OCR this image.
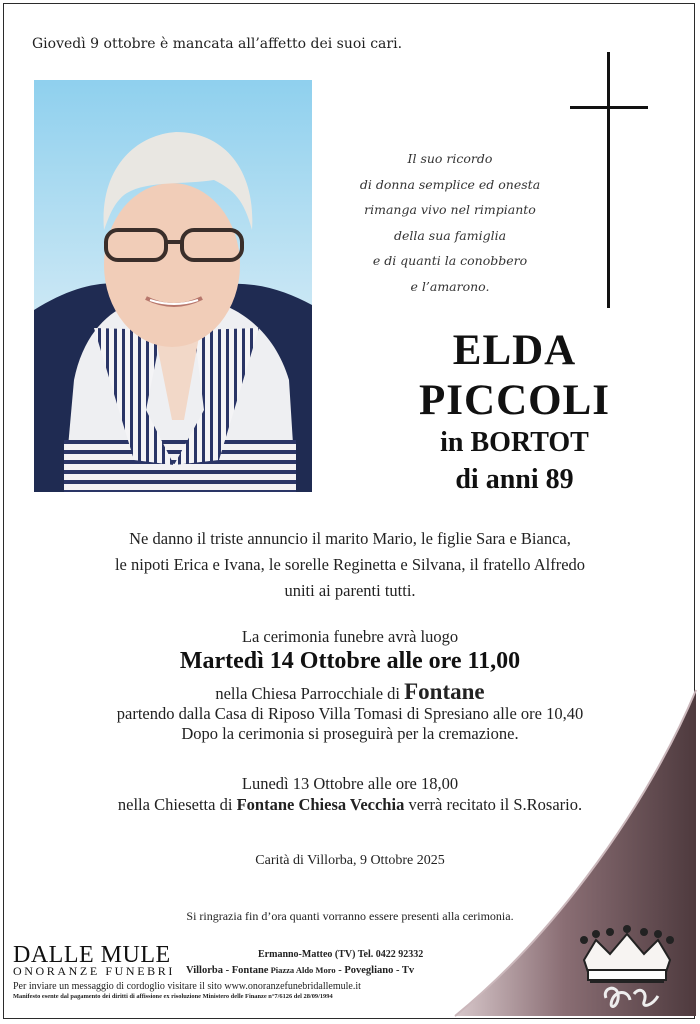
Giovedì 9 ottobre è mancata all’affetto dei suoi cari.
Il suo ricordo
di donna semplice ed onesta
rimanga vivo nel rimpianto
della sua famiglia
e di quanti la conobbero
e l’amarono.
ELDA
PICCOLI
in BORTOT
di anni 89
Ne danno il triste annuncio il marito Mario, le figlie Sara e Bianca,
le nipoti Erica e Ivana, le sorelle Reginetta e Silvana, il fratello Alfredo
uniti ai parenti tutti.
La cerimonia funebre avrà luogo
Martedì 14 Ottobre alle ore 11,00
nella Chiesa Parrocchiale di Fontane
partendo dalla Casa di Riposo Villa Tomasi di Spresiano alle ore 10,40
Dopo la cerimonia si proseguirà per la cremazione.
Lunedì 13 Ottobre alle ore 18,00
nella Chiesetta di Fontane Chiesa Vecchia verrà recitato il S.Rosario.
Carità di Villorba, 9 Ottobre 2025
Si ringrazia fin d’ora quanti vorranno essere presenti alla cerimonia.
DALLE MULE
ONORANZE FUNEBRI
Ermanno-Matteo (TV) Tel. 0422 92332
Villorba - Fontane Piazza Aldo Moro - Povegliano - Tv
Per inviare un messaggio di cordoglio visitare il sito www.onoranzefunebridallemule.it
Manifesto esente dal pagamento dei diritti di affissione ex risoluzione Ministero delle Finanze n°7/6126 del 28/09/1994
